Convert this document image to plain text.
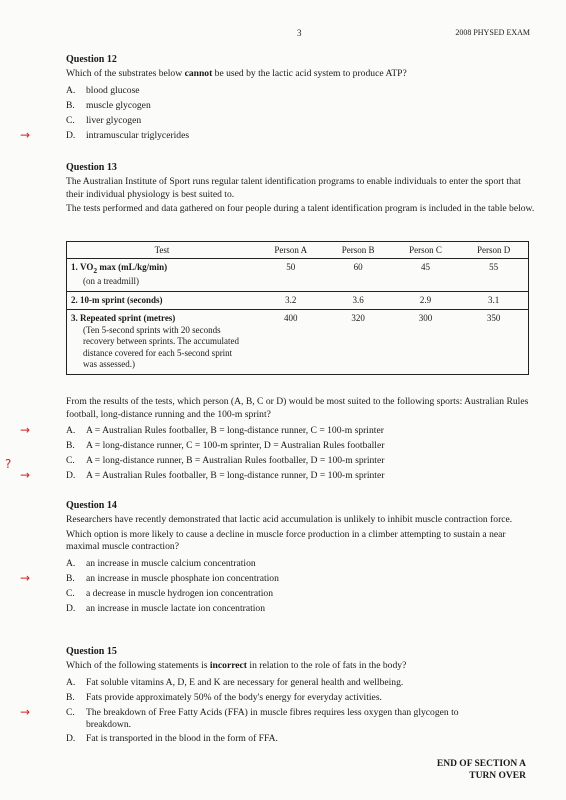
3	2008 PHYSED EXAM
Question 12
Which of the substrates below cannot be used by the lactic acid system to produce ATP?
A. blood glucose
B. muscle glycogen
C. liver glycogen
→	D. intramuscular triglycerides
Question 13
The Australian Institute of Sport runs regular talent identification programs to enable individuals to enter the sport that their individual physiology is best suited to.
The tests performed and data gathered on four people during a talent identification program is included in the table below.
Test	Person A	Person B	Person C	Person D
1. $VO_2$ max (mL/kg/min)
(on a treadmill)	50	60	45	55
2. 10-m sprint (seconds)	3.2	3.6	2.9	3.1
3. Repeated sprint (metres)

(Ten 5-second sprints with 20 seconds recovery between sprints. The accumulated distance covered for each 5-second sprint was assessed.)	400	320	300	350
From the results of the tests, which person (A, B, C or D) would be most suited to the following sports: Australian Rules football, long-distance running and the 100-m sprint?
→	A. A = Australian Rules footballer, B = long-distance runner, C = 100-m sprinter
B. A = long-distance runner, C = 100-m sprinter, D = Australian Rules footballer
C. A = long-distance runner, B = Australian Rules footballer, D = 100-m sprinter
→	D. A = Australian Rules footballer, B = long-distance runner, D = 100-m sprinter
?
Question 14
Researchers have recently demonstrated that lactic acid accumulation is unlikely to inhibit muscle contraction force.
Which option is more likely to cause a decline in muscle force production in a climber attempting to sustain a near maximal muscle contraction?
A. an increase in muscle calcium concentration
→	B. an increase in muscle phosphate ion concentration
C. a decrease in muscle hydrogen ion concentration
D. an increase in muscle lactate ion concentration
Question 15
Which of the following statements is incorrect in relation to the role of fats in the body?
A. Fat soluble vitamins A, D, E and K are necessary for general health and wellbeing.
B. Fats provide approximately 50% of the body's energy for everyday activities.
→	C. The breakdown of Free Fatty Acids (FFA) in muscle fibres requires less oxygen than glycogen to
breakdown.
D. Fat is transported in the blood in the form of FFA.
END OF SECTION A
TURN OVER
